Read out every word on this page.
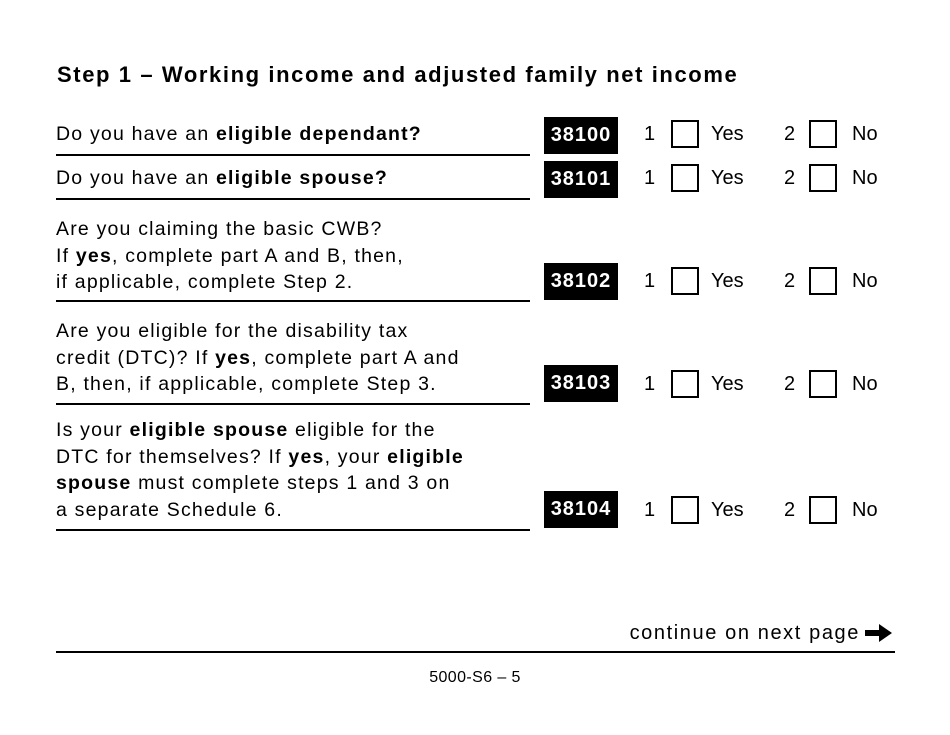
Step 1 – Working income and adjusted family net income
Do you have an eligible dependant?	38100	1	Yes 2	No
Do you have an eligible spouse?	38101	1	Yes 2	No
Are you claiming the basic CWB?
If yes, complete part A and B, then,
if applicable, complete Step 2.	38102	1	Yes 2	No
Are you eligible for the disability tax
credit (DTC)? If yes, complete part A and
B, then, if applicable, complete Step 3.	38103	1	Yes 2	No
Is your eligible spouse eligible for the
DTC for themselves? If yes, your eligible
spouse must complete steps 1 and 3 on
a separate Schedule 6.	38104	1	Yes 2	No
continue on next page
5000-S6 – 5
